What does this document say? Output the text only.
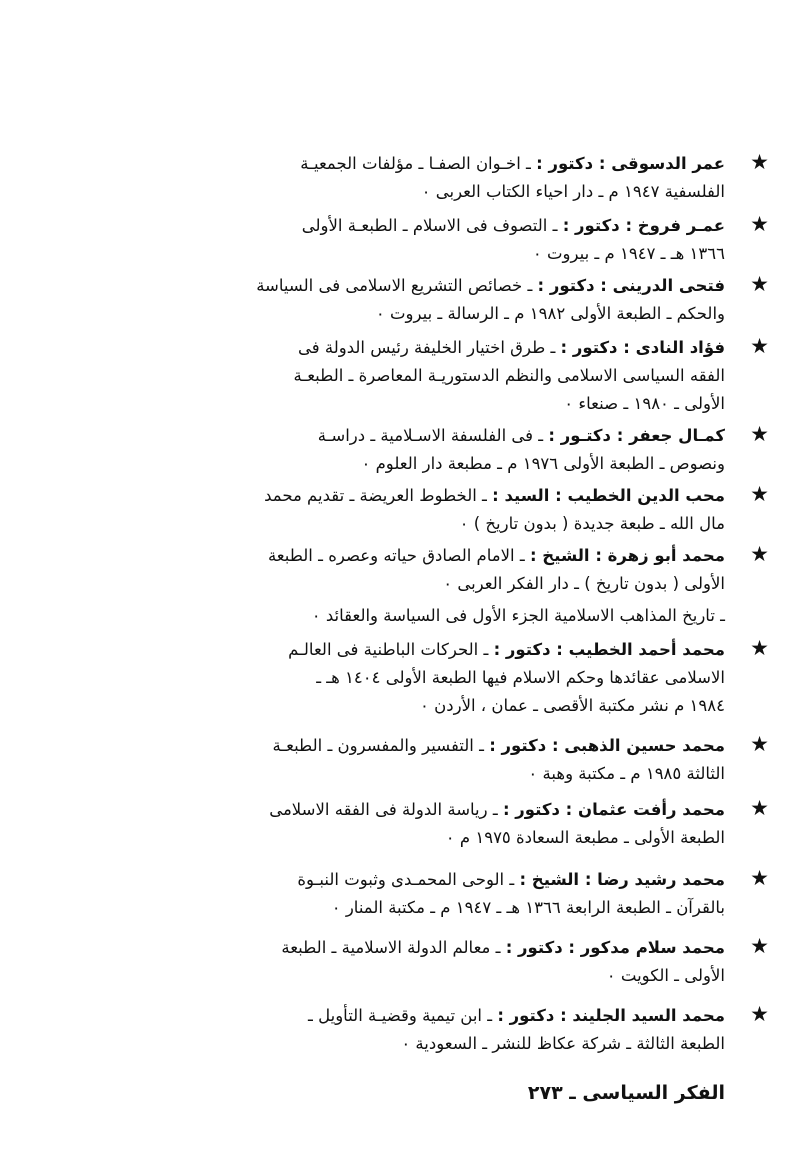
★
عمر الدسوقى : دكتور : ـ اخـوان الصفـا ـ مؤلفات الجمعيـة
الفلسفية ١٩٤٧ م ـ دار احياء الكتاب العربى ٠
★
عمـر فروخ : دكتور : ـ التصوف فى الاسلام ـ الطبعـة الأولى
١٣٦٦ هـ ـ ١٩٤٧ م ـ بيروت ٠
★
فتحى الدرينى : دكتور : ـ خصائص التشريع الاسلامى فى السياسة
والحكم ـ الطبعة الأولى ١٩٨٢ م ـ الرسالة ـ بيروت ٠
★
فؤاد النادى : دكتور : ـ طرق اختيار الخليفة رئيس الدولة فى
الفقه السياسى الاسلامى والنظم الدستوريـة المعاصرة ـ الطبعـة
الأولى ـ ١٩٨٠ ـ صنعاء ٠
★
كمـال جعفر : دكتـور : ـ فى الفلسفة الاسـلامية ـ دراسـة
ونصوص ـ الطبعة الأولى ١٩٧٦ م ـ مطبعة دار العلوم ٠
★
محب الدين الخطيب : السيد : ـ الخطوط العريضة ـ تقديم محمد
مال الله ـ طبعة جديدة ( بدون تاريخ ) ٠
★
محمد أبو زهرة : الشيخ : ـ الامام الصادق حياته وعصره ـ الطبعة
الأولى ( بدون تاريخ ) ـ دار الفكر العربى ٠
ـ تاريخ المذاهب الاسلامية الجزء الأول فى السياسة والعقائد ٠
★
محمد أحمد الخطيب : دكتور : ـ الحركات الباطنية فى العالـم
الاسلامى عقائدها وحكم الاسلام فيها الطبعة الأولى ١٤٠٤ هـ ـ
١٩٨٤ م نشر مكتبة الأقصى ـ عمان ، الأردن ٠
★
محمد حسين الذهبى : دكتور : ـ التفسير والمفسرون ـ الطبعـة
الثالثة ١٩٨٥ م ـ مكتبة وهبة ٠
★
محمد رأفت عثمان : دكتور : ـ رياسة الدولة فى الفقه الاسلامى
الطبعة الأولى ـ مطبعة السعادة ١٩٧٥ م ٠
★
محمد رشيد رضا : الشيخ : ـ الوحى المحمـدى وثبوت النبـوة
بالقرآن ـ الطبعة الرابعة ١٣٦٦ هـ ـ ١٩٤٧ م ـ مكتبة المنار ٠
★
محمد سلام مدكور : دكتور : ـ معالم الدولة الاسلامية ـ الطبعة
الأولى ـ الكويت ٠
★
محمد السيد الجليند : دكتور : ـ ابن تيمية وقضيـة التأويل ـ
الطبعة الثالثة ـ شركة عكاظ للنشر ـ السعودية ٠
الفكر السياسى ـ ٢٧٣
